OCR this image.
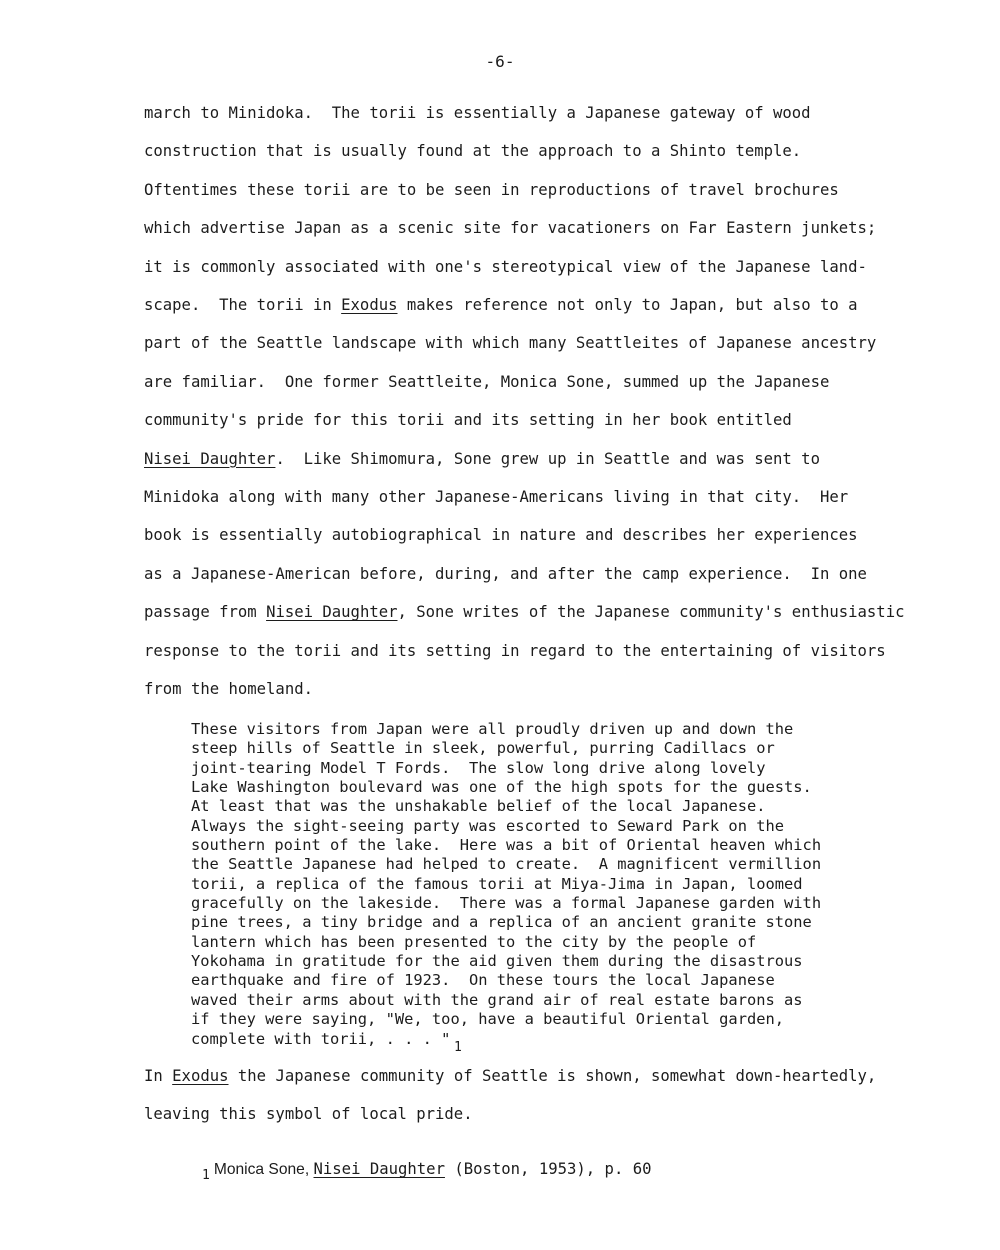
-6-
march to Minidoka.  The torii is essentially a Japanese gateway of wood
construction that is usually found at the approach to a Shinto temple.
Oftentimes these torii are to be seen in reproductions of travel brochures
which advertise Japan as a scenic site for vacationers on Far Eastern junkets;
it is commonly associated with one's stereotypical view of the Japanese land-
scape.  The torii in Exodus makes reference not only to Japan, but also to a
part of the Seattle landscape with which many Seattleites of Japanese ancestry
are familiar.  One former Seattleite, Monica Sone, summed up the Japanese
community's pride for this torii and its setting in her book entitled
Nisei Daughter.  Like Shimomura, Sone grew up in Seattle and was sent to
Minidoka along with many other Japanese-Americans living in that city.  Her
book is essentially autobiographical in nature and describes her experiences
as a Japanese-American before, during, and after the camp experience.  In one
passage from Nisei Daughter, Sone writes of the Japanese community's enthusiastic
response to the torii and its setting in regard to the entertaining of visitors
from the homeland.
These visitors from Japan were all proudly driven up and down the
steep hills of Seattle in sleek, powerful, purring Cadillacs or
joint-tearing Model T Fords.  The slow long drive along lovely
Lake Washington boulevard was one of the high spots for the guests.
At least that was the unshakable belief of the local Japanese.
Always the sight-seeing party was escorted to Seward Park on the
southern point of the lake.  Here was a bit of Oriental heaven which
the Seattle Japanese had helped to create.  A magnificent vermillion
torii, a replica of the famous torii at Miya-Jima in Japan, loomed
gracefully on the lakeside.  There was a formal Japanese garden with
pine trees, a tiny bridge and a replica of an ancient granite stone
lantern which has been presented to the city by the people of
Yokohama in gratitude for the aid given them during the disastrous
earthquake and fire of 1923.  On these tours the local Japanese
waved their arms about with the grand air of real estate barons as
if they were saying, "We, too, have a beautiful Oriental garden,
complete with torii, . . . " 1
In Exodus the Japanese community of Seattle is shown, somewhat down-heartedly,
leaving this symbol of local pride.
$_1$ Monica Sone, Nisei Daughter (Boston, 1953), p. 60
